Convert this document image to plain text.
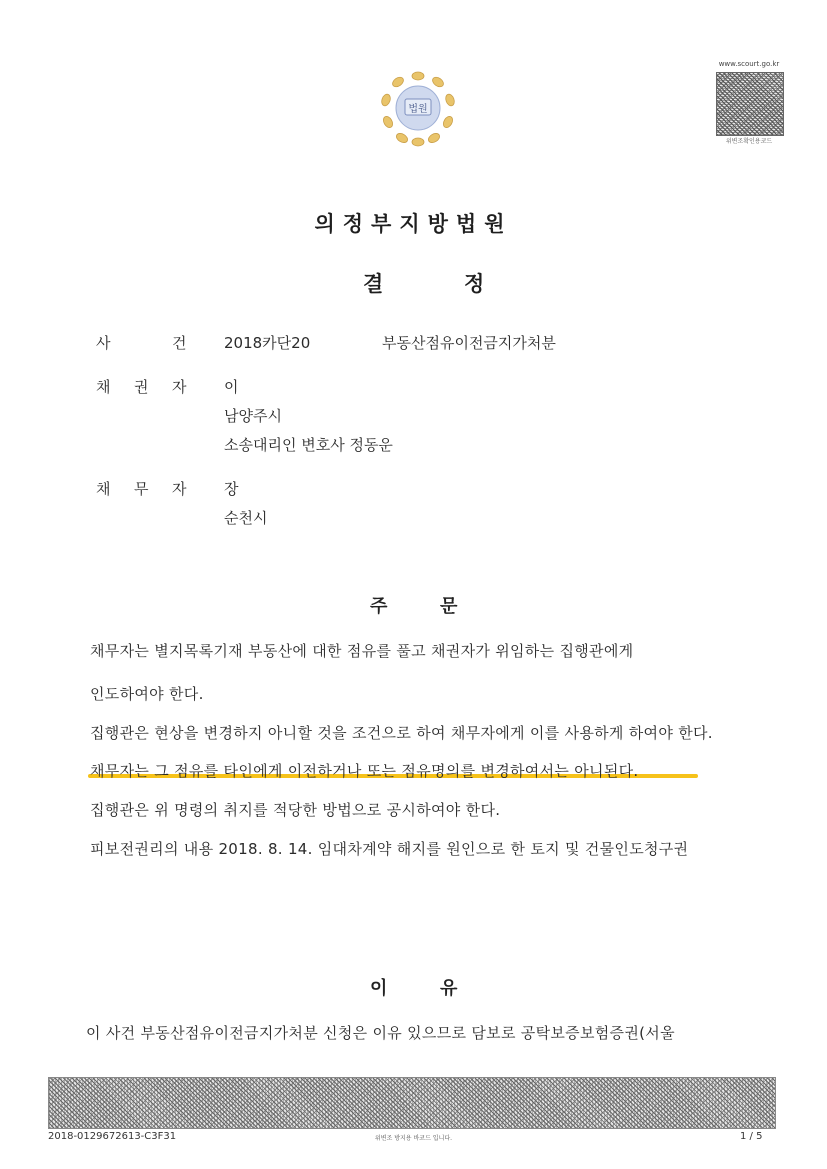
법원
www.scourt.go.kr
위변조확인용코드
의정부지방법원
결	정
사	건	2018카단20	부동산점유이전금지가처분
채 권 자	이
남양주시
소송대리인 변호사 정동운
채 무 자	장
순천시
주	문
채무자는 별지목록기재 부동산에 대한 점유를 풀고 채권자가 위임하는 집행관에게
인도하여야 한다.
집행관은 현상을 변경하지 아니할 것을 조건으로 하여 채무자에게 이를 사용하게 하여야 한다.
채무자는 그 점유를 타인에게 이전하거나 또는 점유명의를 변경하여서는 아니된다.
집행관은 위 명령의 취지를 적당한 방법으로 공시하여야 한다.
피보전권리의 내용 2018. 8. 14. 임대차계약 해지를 원인으로 한 토지 및 건물인도청구권
이	유
이 사건 부동산점유이전금지가처분 신청은 이유 있으므로 담보로 공탁보증보험증권(서울
2018-0129672613-C3F31	위변조 방지용 바코드 입니다.	1 / 5
